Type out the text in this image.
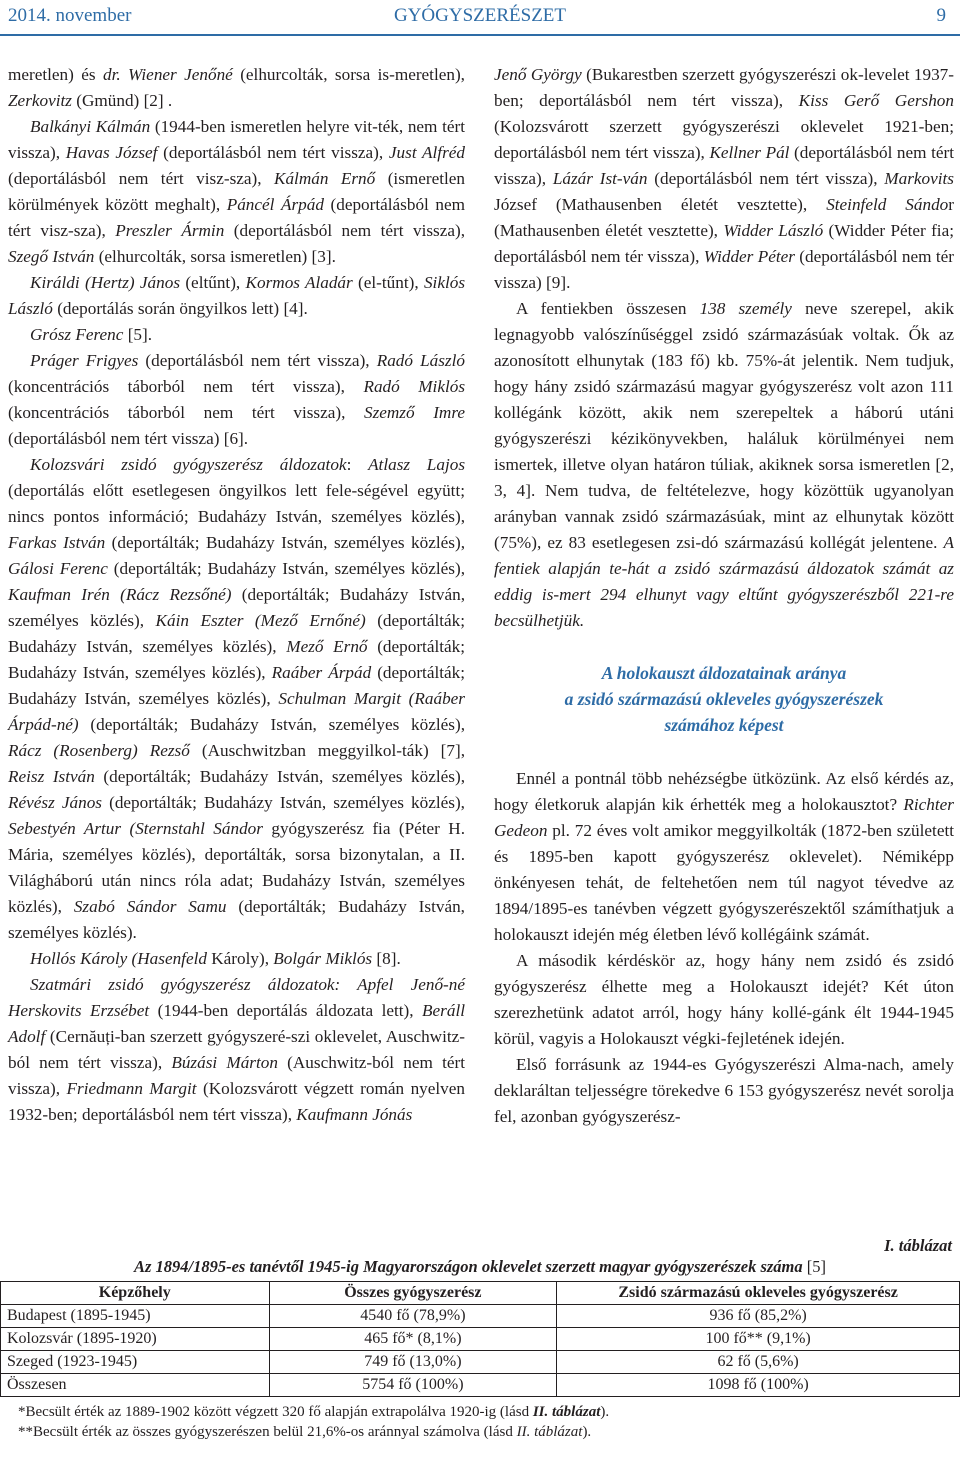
2014. november	GYÓGYSZERÉSZET	9

meretlen) és dr. Wiener Jenőné (elhurcolták, sorsa is-meretlen), Zerkovitz (Gmünd) [2] .

Balkányi Kálmán (1944-ben ismeretlen helyre vit-ték, nem tért vissza), Havas József (deportálásból nem tért vissza), Just Alfréd (deportálásból nem tért visz-sza), Kálmán Ernő (ismeretlen körülmények között meghalt), Páncél Árpád (deportálásból nem tért visz-sza), Preszler Ármin (deportálásból nem tért vissza), Szegő István (elhurcolták, sorsa ismeretlen) [3].

Királdi (Hertz) János (eltűnt), Kormos Aladár (el-tűnt), Siklós László (deportálás során öngyilkos lett) [4].

Grósz Ferenc [5].

Práger Frigyes (deportálásból nem tért vissza), Radó László (koncentrációs táborból nem tért vissza), Radó Miklós (koncentrációs táborból nem tért vissza), Szemző Imre (deportálásból nem tért vissza) [6].

Kolozsvári zsidó gyógyszerész áldozatok: Atlasz Lajos (deportálás előtt esetlegesen öngyilkos lett fele-ségével együtt; nincs pontos információ; Budaházy István, személyes közlés), Farkas István (deportálták; Budaházy István, személyes közlés), Gálosi Ferenc (deportálták; Budaházy István, személyes közlés), Kaufman Irén (Rácz Rezsőné) (deportálták; Budaházy István, személyes közlés), Káin Eszter (Mező Ernőné) (deportálták; Budaházy István, személyes közlés), Mező Ernő (deportálták; Budaházy István, személyes közlés), Raáber Árpád (deportálták; Budaházy István, személyes közlés), Schulman Margit (Raáber Árpád-né) (deportálták; Budaházy István, személyes közlés), Rácz (Rosenberg) Rezső (Auschwitzban meggyilkol-ták) [7], Reisz István (deportálták; Budaházy István, személyes közlés), Révész János (deportálták; Budaházy István, személyes közlés), Sebestyén Artur (Sternstahl Sándor gyógyszerész fia (Péter H. Mária, személyes közlés), deportálták, sorsa bizonytalan, a II. Világháború után nincs róla adat; Budaházy István, személyes közlés), Szabó Sándor Samu (deportálták; Budaházy István, személyes közlés).

Hollós Károly (Hasenfeld Károly), Bolgár Miklós [8].

Szatmári zsidó gyógyszerész áldozatok: Apfel Jenő-né Herskovits Erzsébet (1944-ben deportálás áldozata lett), Beráll Adolf (Cernăuți-ban szerzett gyógyszeré-szi oklevelet, Auschwitz-ból nem tért vissza), Búzási Márton (Auschwitz-ból nem tért vissza), Friedmann Margit (Kolozsvárott végzett román nyelven 1932-ben; deportálásból nem tért vissza), Kaufmann Jónás

Jenő György (Bukarestben szerzett gyógyszerészi ok-levelet 1937-ben; deportálásból nem tért vissza), Kiss Gerő Gershon (Kolozsvárott szerzett gyógyszerészi oklevelet 1921-ben; deportálásból nem tért vissza), Kellner Pál (deportálásból nem tért vissza), Lázár Ist-ván (deportálásból nem tért vissza), Markovits József (Mathausenben életét vesztette), Steinfeld Sándor (Mathausenben életét vesztette), Widder László (Widder Péter fia; deportálásból nem tér vissza), Widder Péter (deportálásból nem tér vissza) [9].

A fentiekben összesen 138 személy neve szerepel, akik legnagyobb valószínűséggel zsidó származásúak voltak. Ők az azonosított elhunytak (183 fő) kb. 75%-át jelentik. Nem tudjuk, hogy hány zsidó származású magyar gyógyszerész volt azon 111 kollégánk között, akik nem szerepeltek a háború utáni gyógyszerészi kézikönyvekben, haláluk körülményei nem ismertek, illetve olyan határon túliak, akiknek sorsa ismeretlen [2, 3, 4]. Nem tudva, de feltételezve, hogy közöttük ugyanolyan arányban vannak zsidó származásúak, mint az elhunytak között (75%), ez 83 esetlegesen zsi-dó származású kollégát jelentene. A fentiek alapján te-hát a zsidó származású áldozatok számát az eddig is-mert 294 elhunyt vagy eltűnt gyógyszerészből 221-re becsülhetjük.

A holokauszt áldozatainak aránya
a zsidó származású okleveles gyógyszerészek
számához képest

Ennél a pontnál több nehézségbe ütközünk. Az első kérdés az, hogy életkoruk alapján kik érhették meg a holokausztot? Richter Gedeon pl. 72 éves volt amikor meggyilkolták (1872-ben született és 1895-ben kapott gyógyszerész oklevelet). Némiképp önkényesen tehát, de feltehetően nem túl nagyot tévedve az 1894/1895-es tanévben végzett gyógyszerészektől számíthatjuk a holokauszt idején még életben lévő kollégáink számát.

A második kérdéskör az, hogy hány nem zsidó és zsidó gyógyszerész élhette meg a Holokauszt idejét? Két úton szerezhetünk adatot arról, hogy hány kollé-gánk élt 1944-1945 körül, vagyis a Holokauszt végki-fejletének idején.

Első forrásunk az 1944-es Gyógyszerészi Alma-nach, amely deklaráltan teljességre törekedve 6 153 gyógyszerész nevét sorolja fel, azonban gyógyszerész-

I. táblázat
Az 1894/1895-es tanévtől 1945-ig Magyarországon oklevelet szerzett magyar gyógyszerészek száma [5]
Képzőhely	Összes gyógyszerész	Zsidó származású okleveles gyógyszerész
Budapest (1895-1945)	4540 fő (78,9%)	936 fő (85,2%)
Kolozsvár (1895-1920)	465 fő* (8,1%)	100 fő** (9,1%)
Szeged (1923-1945)	749 fő (13,0%)	62 fő (5,6%)
Összesen	5754 fő (100%)	1098 fő (100%)
*Becsült érték az 1889-1902 között végzett 320 fő alapján extrapolálva 1920-ig (lásd II. táblázat).
**Becsült érték az összes gyógyszerészen belül 21,6%-os aránnyal számolva (lásd II. táblázat).
